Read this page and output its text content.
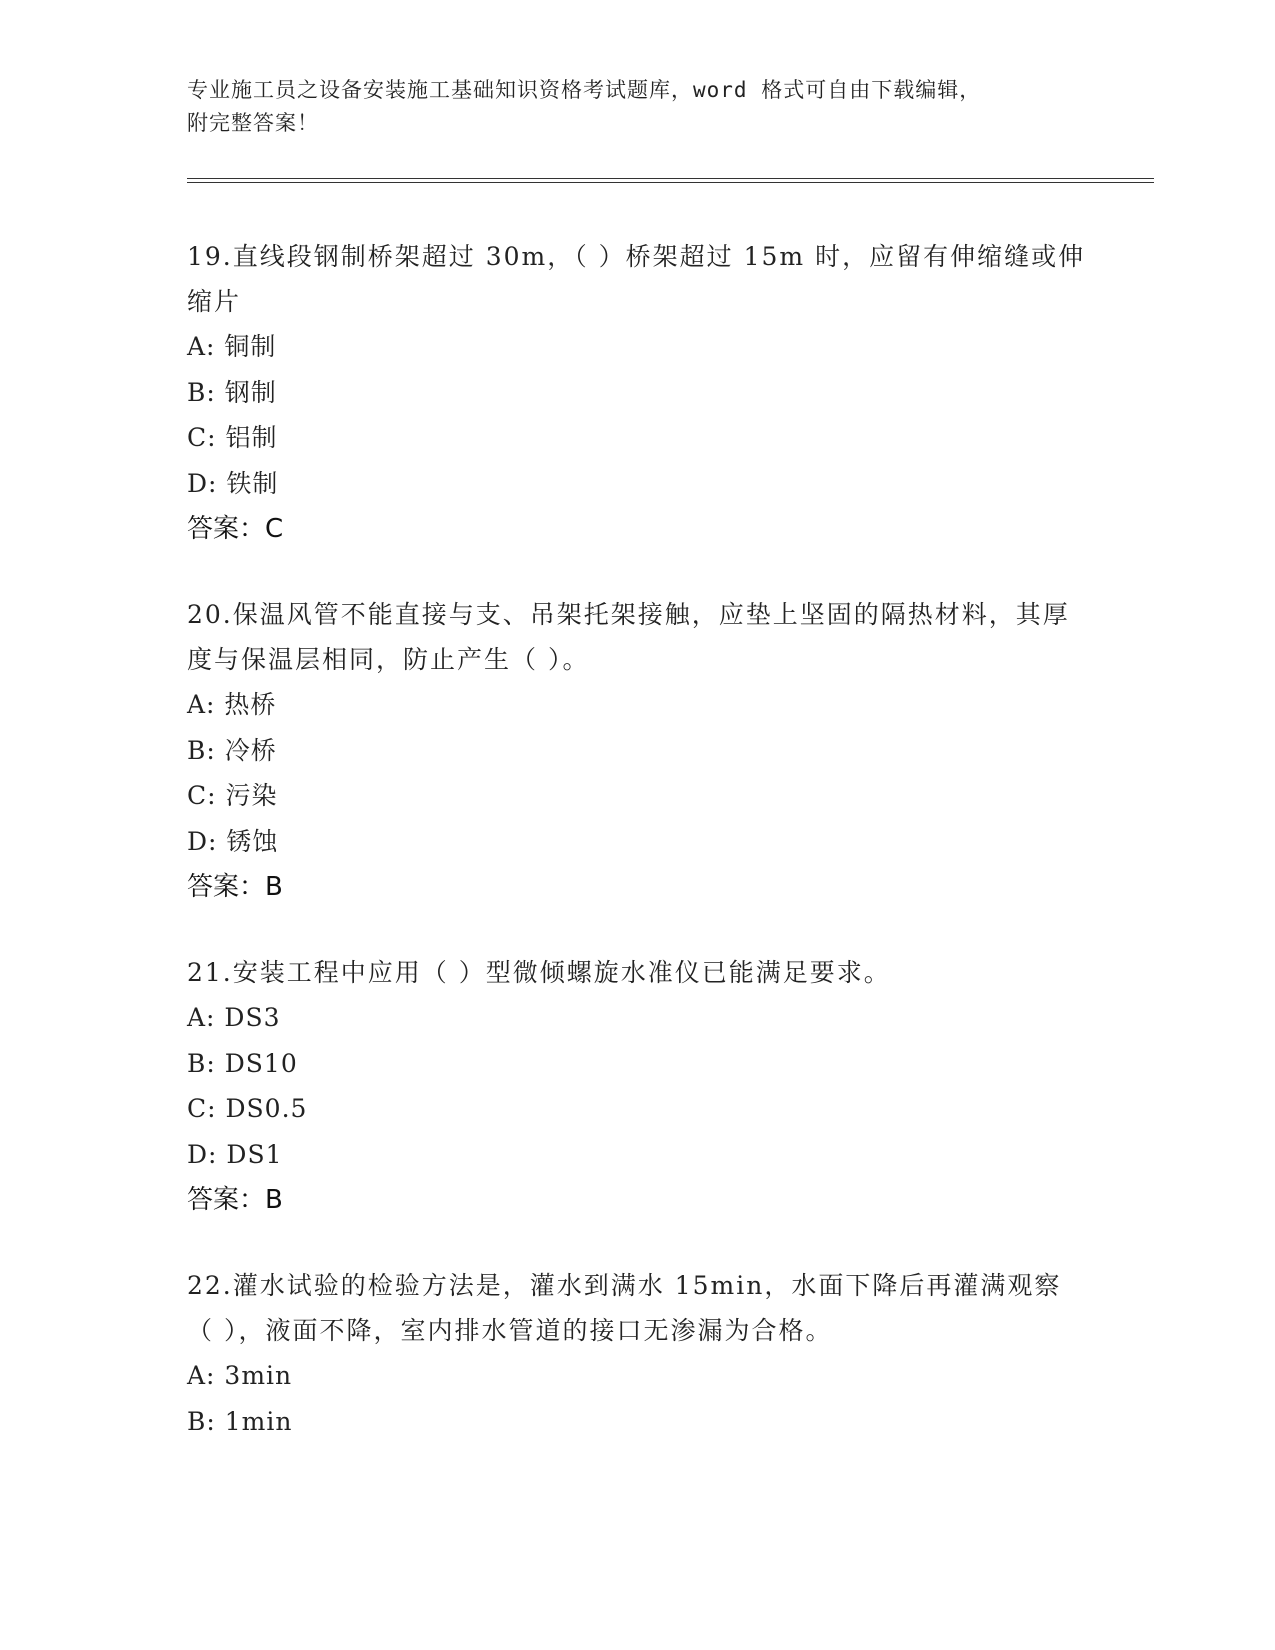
专业施工员之设备安装施工基础知识资格考试题库，word 格式可自由下载编辑，
附完整答案！

19.直线段钢制桥架超过 30m，（ ）桥架超过 15m 时，应留有伸缩缝或伸缩片

A: 铜制

B: 钢制

C: 铝制

D: 铁制

答案：C

20.保温风管不能直接与支、吊架托架接触，应垫上坚固的隔热材料，其厚度与保温层相同，防止产生（ ）。

A: 热桥

B: 冷桥

C: 污染

D: 锈蚀

答案：B

21.安装工程中应用（ ）型微倾螺旋水准仪已能满足要求。

A: DS3

B: DS10

C: DS0.5

D: DS1

答案：B

22.灌水试验的检验方法是，灌水到满水 15min，水面下降后再灌满观察（ ），液面不降，室内排水管道的接口无渗漏为合格。

A: 3min

B: 1min
